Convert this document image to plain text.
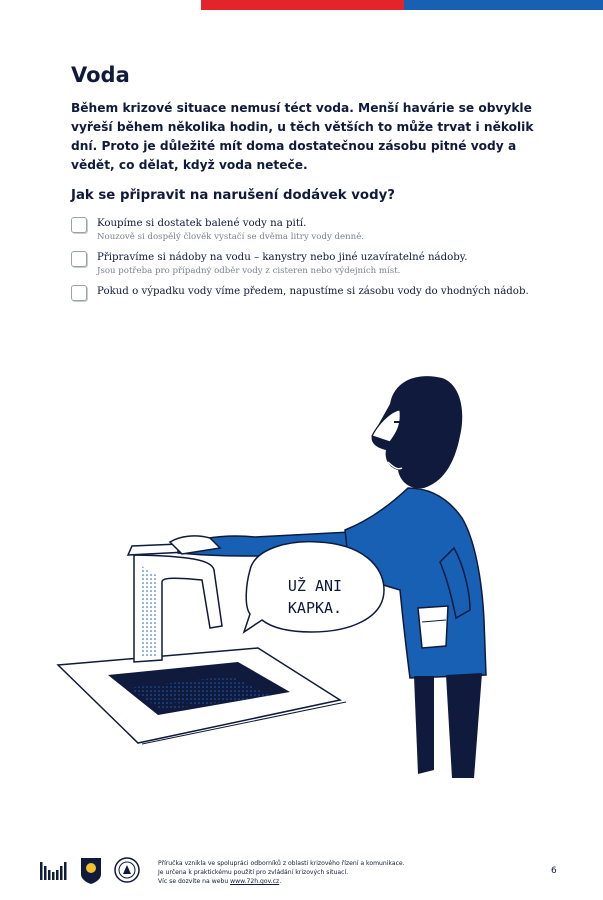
Voda
Během krizové situace nemusí téct voda. Menší havárie se obvykle vyřeší během několika hodin, u těch větších to může trvat i několik dní. Proto je důležité mít doma dostatečnou zásobu pitné vody a vědět, co dělat, když voda neteče.
Jak se připravit na narušení dodávek vody?
Koupíme si dostatek balené vody na pití.
Nouzově si dospělý člověk vystačí se dvěma litry vody denně.
Připravíme si nádoby na vodu – kanystry nebo jiné uzavíratelné nádoby.
Jsou potřeba pro případný odběr vody z cisteren nebo výdejních míst.
Pokud o výpadku vody víme předem, napustíme si zásobu vody do vhodných nádob.
UŽ ANI
KAPKA.
Příručka vznikla ve spolupráci odborníků z oblasti krizového řízení a komunikace.
Je určena k praktickému použití pro zvládání krizových situací.
Víc se dozvíte na webu www.72h.gov.cz.
6
